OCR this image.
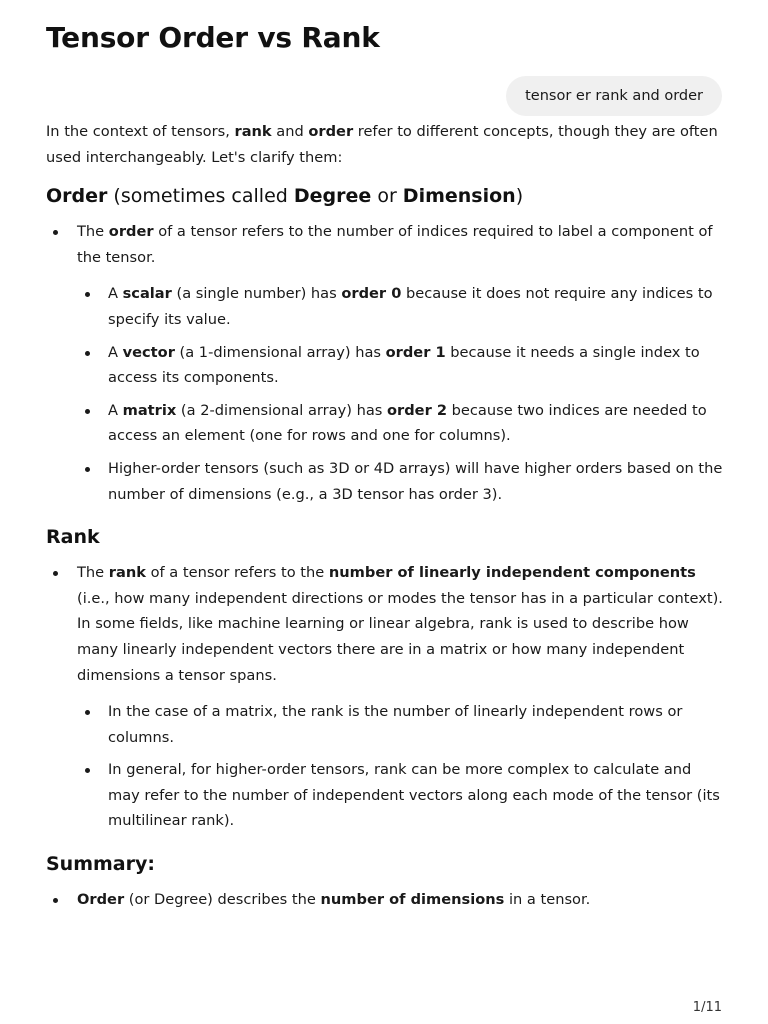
Tensor Order vs Rank
tensor er rank and order

In the context of tensors, rank and order refer to different concepts, though they are often used interchangeably. Let's clarify them:

Order (sometimes called Degree or Dimension)
The order of a tensor refers to the number of indices required to label a component of the tensor.
A scalar (a single number) has order 0 because it does not require any indices to specify its value.
A vector (a 1-dimensional array) has order 1 because it needs a single index to access its components.
A matrix (a 2-dimensional array) has order 2 because two indices are needed to access an element (one for rows and one for columns).
Higher-order tensors (such as 3D or 4D arrays) will have higher orders based on the number of dimensions (e.g., a 3D tensor has order 3).
Rank
The rank of a tensor refers to the number of linearly independent components (i.e., how many independent directions or modes the tensor has in a particular context). In some fields, like machine learning or linear algebra, rank is used to describe how many linearly independent vectors there are in a matrix or how many independent dimensions a tensor spans.
In the case of a matrix, the rank is the number of linearly independent rows or columns.
In general, for higher-order tensors, rank can be more complex to calculate and may refer to the number of independent vectors along each mode of the tensor (its multilinear rank).
Summary:
Order (or Degree) describes the number of dimensions in a tensor.
1/11
